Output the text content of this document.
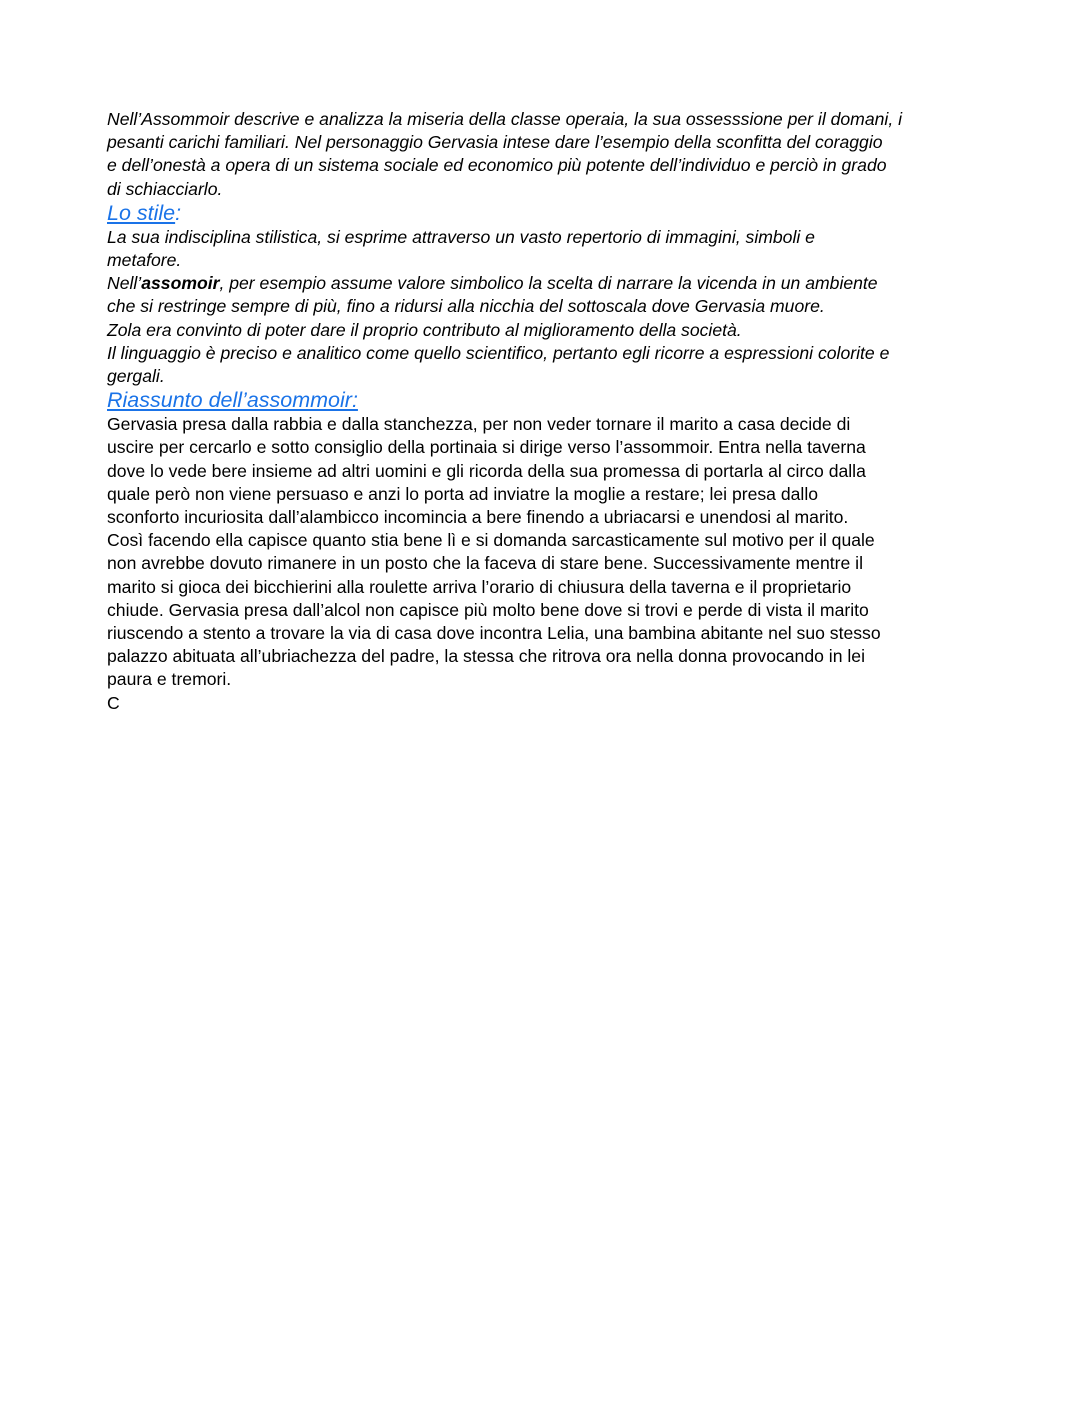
Nell’Assommoir descrive e analizza la miseria della classe operaia, la sua ossesssione per il domani, i
pesanti carichi familiari. Nel personaggio Gervasia intese dare l’esempio della sconfitta del coraggio
e dell’onestà a opera di un sistema sociale ed economico più potente dell’individuo e perciò in grado
di schiacciarlo.

Lo stile:

La sua indisciplina stilistica, si esprime attraverso un vasto repertorio di immagini, simboli e
metafore.

Nell’assomoir, per esempio assume valore simbolico la scelta di narrare la vicenda in un ambiente
che si restringe sempre di più, fino a ridursi alla nicchia del sottoscala dove Gervasia muore.

Zola era convinto di poter dare il proprio contributo al miglioramento della società.

Il linguaggio è preciso e analitico come quello scientifico, pertanto egli ricorre a espressioni colorite e
gergali.

Riassunto dell’assommoir:

Gervasia presa dalla rabbia e dalla stanchezza, per non veder tornare il marito a casa decide di
uscire per cercarlo e sotto consiglio della portinaia si dirige verso l’assommoir. Entra nella taverna
dove lo vede bere insieme ad altri uomini e gli ricorda della sua promessa di portarla al circo dalla
quale però non viene persuaso e anzi lo porta ad inviatre la moglie a restare; lei presa dallo
sconforto incuriosita dall’alambicco incomincia a bere finendo a ubriacarsi e unendosi al marito.
Così facendo ella capisce quanto stia bene lì e si domanda sarcasticamente sul motivo per il quale
non avrebbe dovuto rimanere in un posto che la faceva di stare bene. Successivamente mentre il
marito si gioca dei bicchierini alla roulette arriva l’orario di chiusura della taverna e il proprietario
chiude. Gervasia presa dall’alcol non capisce più molto bene dove si trovi e perde di vista il marito
riuscendo a stento a trovare la via di casa dove incontra Lelia, una bambina abitante nel suo stesso
palazzo abituata all’ubriachezza del padre, la stessa che ritrova ora nella donna provocando in lei
paura e tremori.

C
